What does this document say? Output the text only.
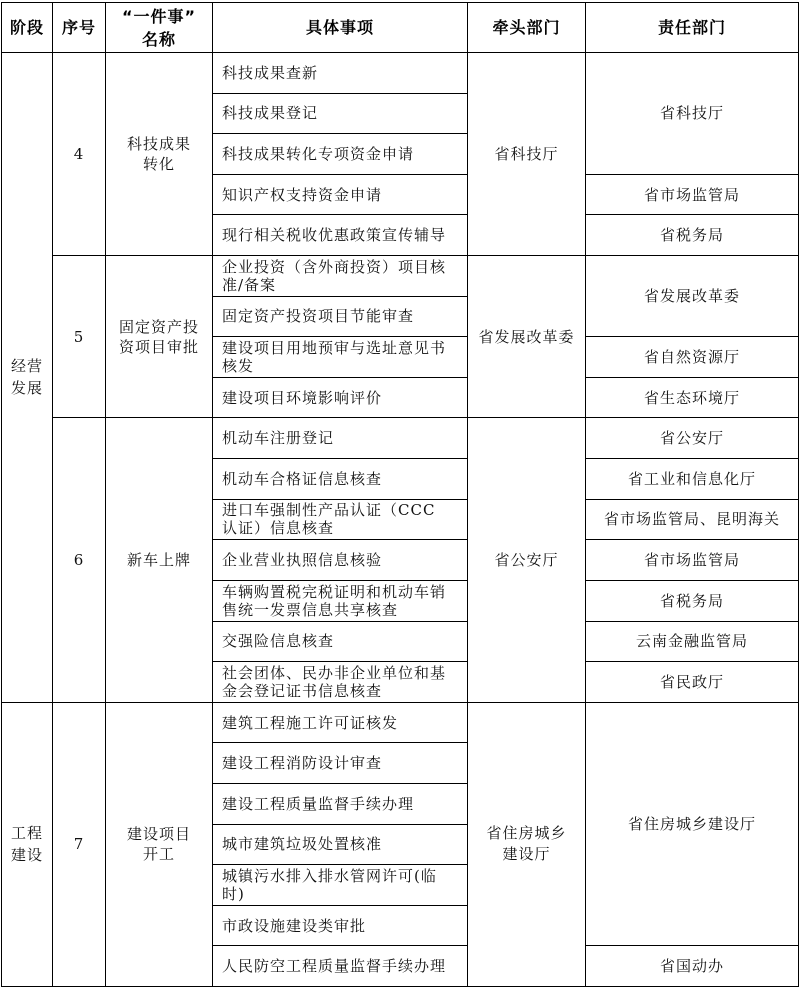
阶段 序号
“一件事”
名称
具体事项	牵头部门	责任部门
经营发展
工程建设
4
5
6
7
科技成果转化
固定资产投资项目审批
新车上牌
建设项目开工
科技成果查新
科技成果登记
科技成果转化专项资金申请
知识产权支持资金申请
现行相关税收优惠政策宣传辅导
企业投资（含外商投资）项目核准/备案
固定资产投资项目节能审查
建设项目用地预审与选址意见书核发
建设项目环境影响评价
机动车注册登记
机动车合格证信息核查
进口车强制性产品认证（CCC 认证）信息核查
企业营业执照信息核验
车辆购置税完税证明和机动车销售统一发票信息共享核查
交强险信息核查
社会团体、民办非企业单位和基金会登记证书信息核查
建筑工程施工许可证核发
建设工程消防设计审查
建设工程质量监督手续办理
城市建筑垃圾处置核准
城镇污水排入排水管网许可(临时)
市政设施建设类审批
人民防空工程质量监督手续办理
省科技厅
省发展改革委
省公安厅
省住房城乡建设厅
省科技厅
省市场监管局
省税务局
省发展改革委
省自然资源厅
省生态环境厅
省公安厅
省工业和信息化厅
省市场监管局、昆明海关
省市场监管局
省税务局
云南金融监管局
省民政厅
省住房城乡建设厅
省国动办
